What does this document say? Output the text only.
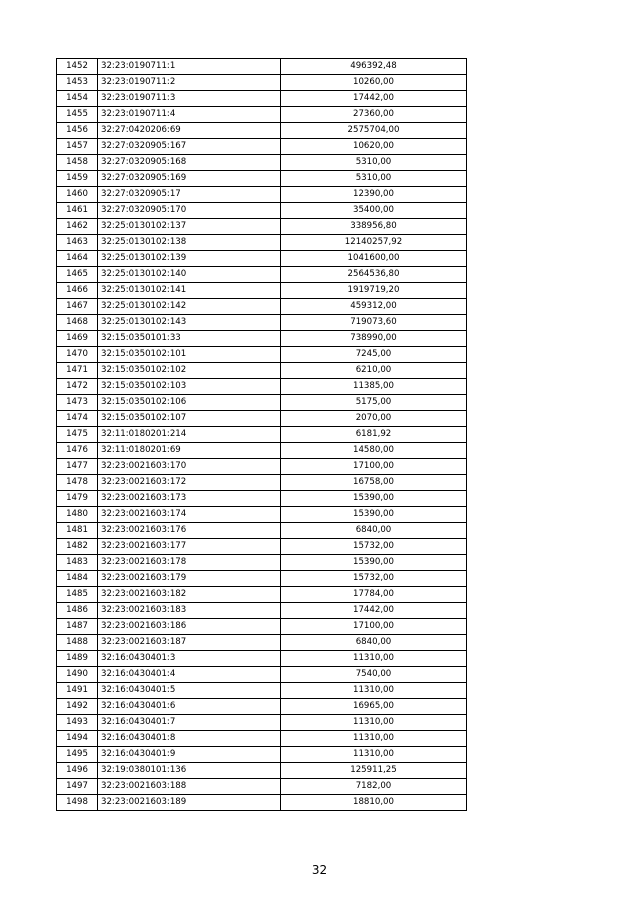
1452	32:23:0190711:1	496392,48
1453	32:23:0190711:2	10260,00
1454	32:23:0190711:3	17442,00
1455	32:23:0190711:4	27360,00
1456	32:27:0420206:69	2575704,00
1457	32:27:0320905:167	10620,00
1458	32:27:0320905:168	5310,00
1459	32:27:0320905:169	5310,00
1460	32:27:0320905:17	12390,00
1461	32:27:0320905:170	35400,00
1462	32:25:0130102:137	338956,80
1463	32:25:0130102:138	12140257,92
1464	32:25:0130102:139	1041600,00
1465	32:25:0130102:140	2564536,80
1466	32:25:0130102:141	1919719,20
1467	32:25:0130102:142	459312,00
1468	32:25:0130102:143	719073,60
1469	32:15:0350101:33	738990,00
1470	32:15:0350102:101	7245,00
1471	32:15:0350102:102	6210,00
1472	32:15:0350102:103	11385,00
1473	32:15:0350102:106	5175,00
1474	32:15:0350102:107	2070,00
1475	32:11:0180201:214	6181,92
1476	32:11:0180201:69	14580,00
1477	32:23:0021603:170	17100,00
1478	32:23:0021603:172	16758,00
1479	32:23:0021603:173	15390,00
1480	32:23:0021603:174	15390,00
1481	32:23:0021603:176	6840,00
1482	32:23:0021603:177	15732,00
1483	32:23:0021603:178	15390,00
1484	32:23:0021603:179	15732,00
1485	32:23:0021603:182	17784,00
1486	32:23:0021603:183	17442,00
1487	32:23:0021603:186	17100,00
1488	32:23:0021603:187	6840,00
1489	32:16:0430401:3	11310,00
1490	32:16:0430401:4	7540,00
1491	32:16:0430401:5	11310,00
1492	32:16:0430401:6	16965,00
1493	32:16:0430401:7	11310,00
1494	32:16:0430401:8	11310,00
1495	32:16:0430401:9	11310,00
1496	32:19:0380101:136	125911,25
1497	32:23:0021603:188	7182,00
1498	32:23:0021603:189	18810,00
32
